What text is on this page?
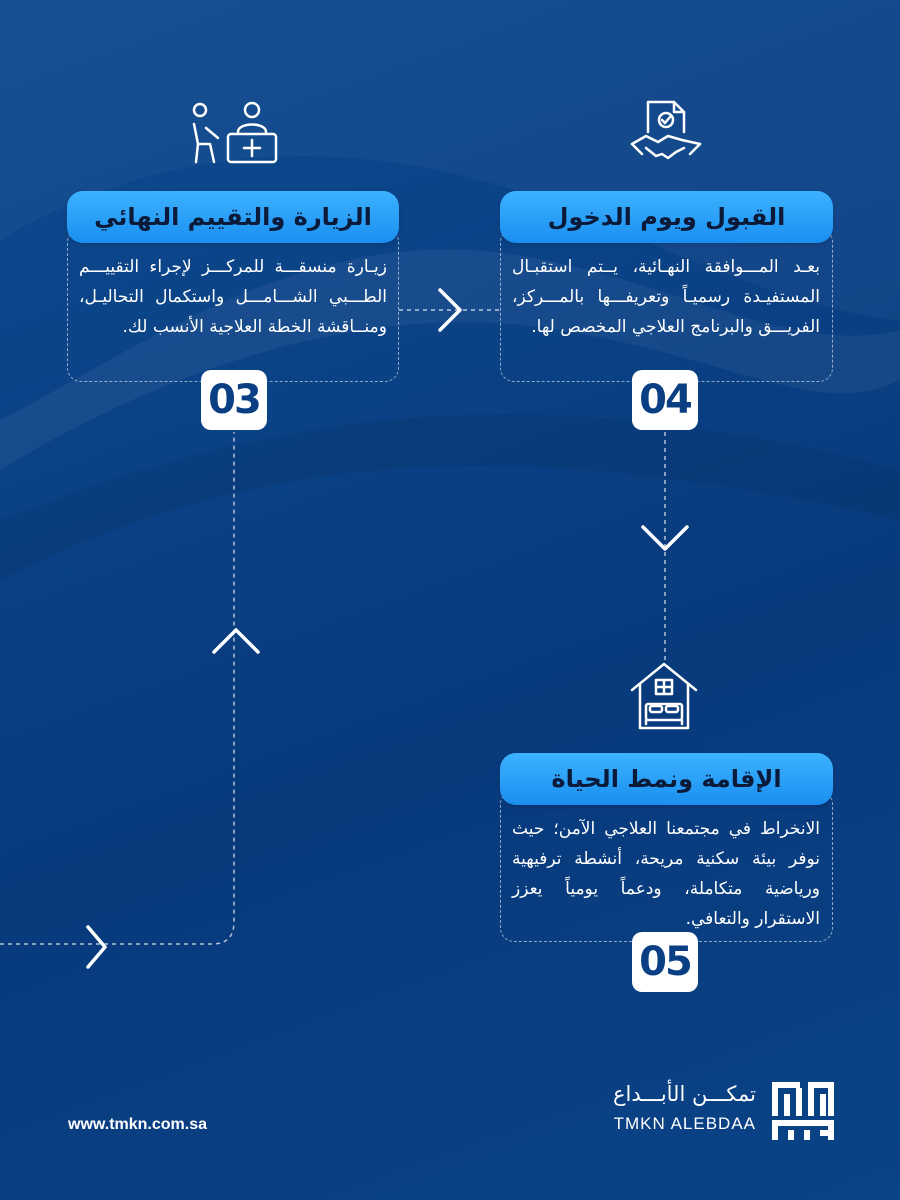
الزيارة والتقييم النهائي
زيـارة منسقـــة للمركـــز لإجراء التقييـــم الطـــبي الشـــامـــل واستكمال التحاليـل، ومنــاقشة الخطة العلاجية الأنسب لك.
03
القبول ويوم الدخول
بعـد المـــوافقة النهـائية، يــتم استقبـال المستفيـدة رسميـاً وتعريفـــها بالمـــركز، الفريـــق والبرنامج العلاجي المخصص لها.
04
الإقامة ونمط الحياة
الانخراط في مجتمعنا العلاجي الآمن؛ حيث نوفر بيئة سكنية مريحة، أنشطة ترفيهية ورياضية متكاملة، ودعماً يومياً يعزز الاستقرار والتعافي.
05
www.tmkn.com.sa
تمكـــن الأبـــداع
TMKN ALEBDAA
